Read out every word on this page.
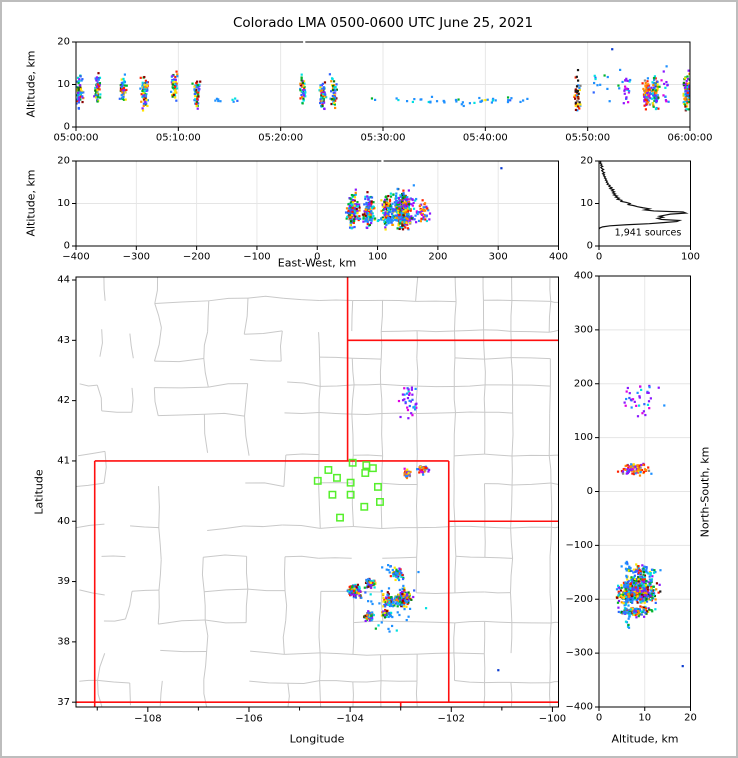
Colorado LMA 0500-0600 UTC June 25, 2021
Altitude, km
Altitude, km
East-West, km
1,941 sources
Latitude
Longitude
North-South, km
Altitude, km
